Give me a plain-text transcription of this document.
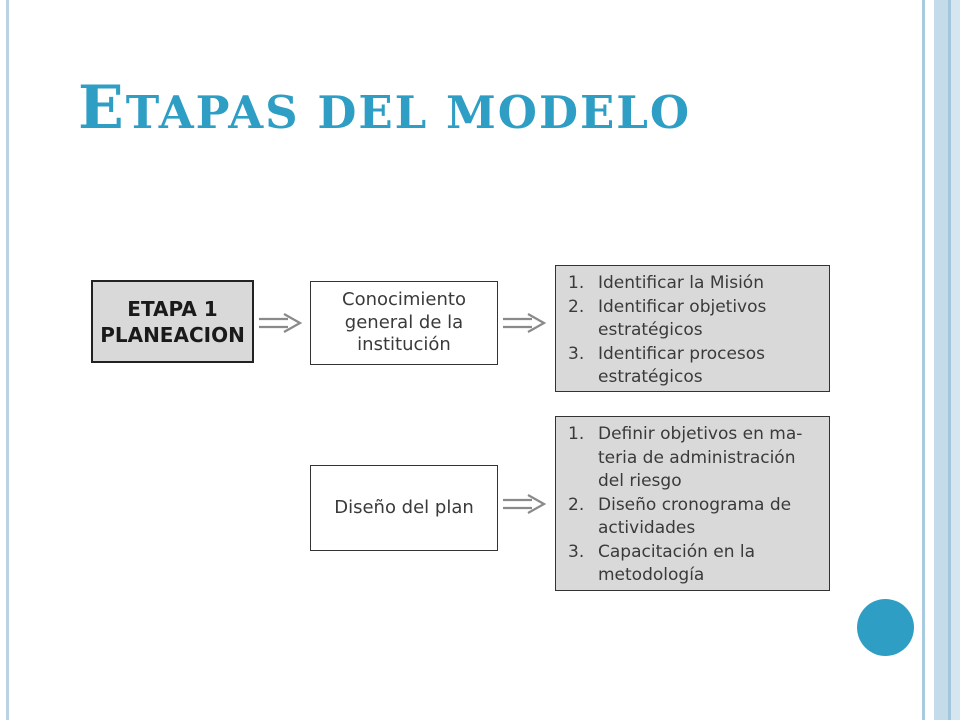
ETAPAS DEL MODELO
ETAPA 1
PLANEACION
Conocimiento general de la institución
1. Identificar la Misión
2. Identificar objetivos estratégicos
3. Identificar procesos estratégicos
Diseño del plan
1. Definir objetivos en ma-teria de administración del riesgo
2. Diseño cronograma de actividades
3. Capacitación en la metodología
